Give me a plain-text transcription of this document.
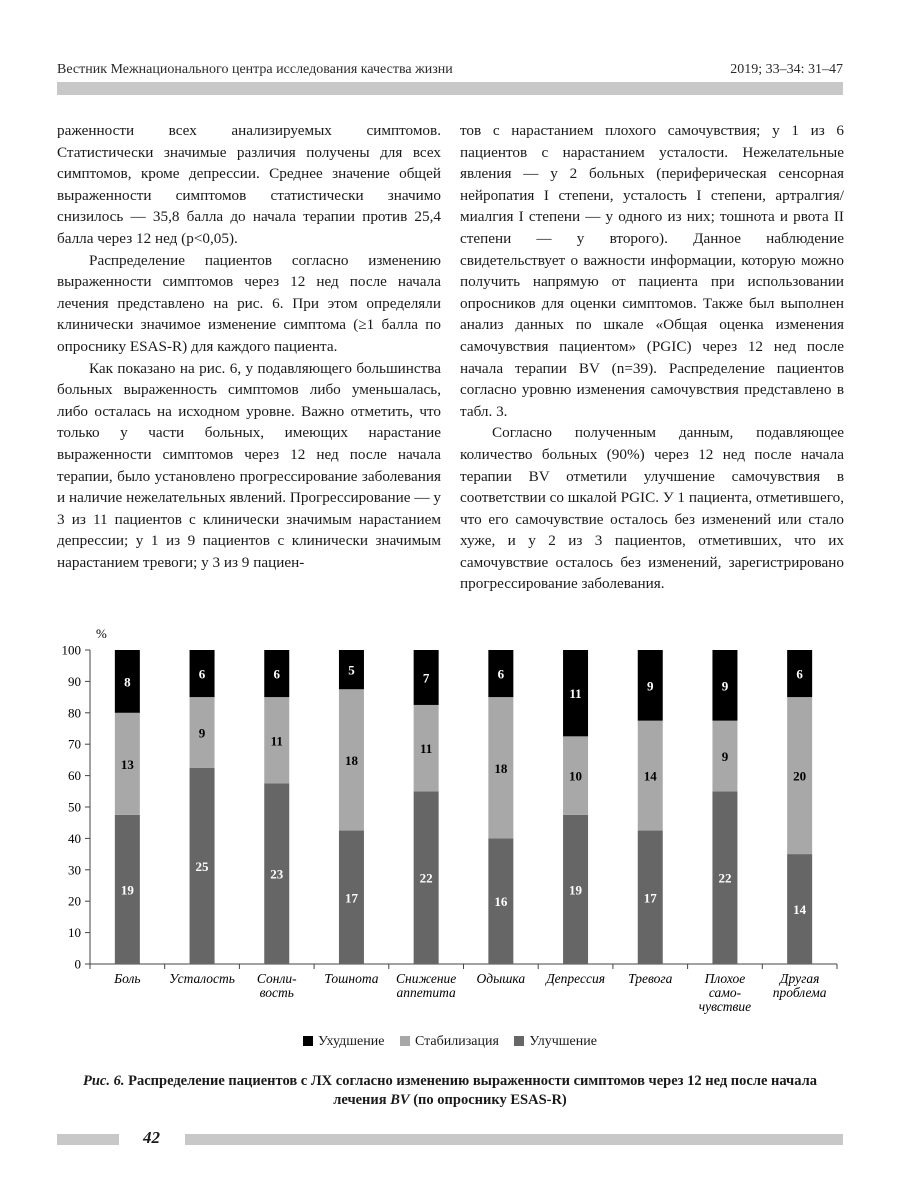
Вестник Межнационального центра исследования качества жизни	2019; 33–34: 31–47

раженности всех анализируемых симптомов. Статистически значимые различия получены для всех симптомов, кроме депрессии. Среднее значение общей выраженности симптомов статистически значимо снизилось — 35,8 балла до начала терапии против 25,4 балла через 12 нед (p<0,05).

Распределение пациентов согласно изменению выраженности симптомов через 12 нед после начала лечения представлено на рис. 6. При этом определяли клинически значимое изменение симптома (≥1 балла по опроснику ESAS-R) для каждого пациента.

Как показано на рис. 6, у подавляющего большинства больных выраженность симптомов либо уменьшалась, либо осталась на исходном уровне. Важно отметить, что только у части больных, имеющих нарастание выраженности симптомов через 12 нед после начала терапии, было установлено прогрессирование заболевания и наличие нежелательных явлений. Прогрессирование — у 3 из 11 пациентов с клинически значимым нарастанием депрессии; у 1 из 9 пациентов с клинически значимым нарастанием тревоги; у 3 из 9 пациен-

тов с нарастанием плохого самочувствия; у 1 из 6 пациентов с нарастанием усталости. Нежелательные явления — у 2 больных (периферическая сенсорная нейропатия I степени, усталость I степени, артралгия/миалгия I степени — у одного из них; тошнота и рвота II степени — у второго). Данное наблюдение свидетельствует о важности информации, которую можно получить напрямую от пациента при использовании опросников для оценки симптомов. Также был выполнен анализ данных по шкале «Общая оценка изменения самочувствия пациентом» (PGIC) через 12 нед после начала терапии BV (n=39). Распределение пациентов согласно уровню изменения самочувствия представлено в табл. 3.

Согласно полученным данным, подавляющее количество больных (90%) через 12 нед после начала терапии BV отметили улучшение самочувствия в соответствии со шкалой PGIC. У 1 пациента, отметившего, что его самочувствие осталось без изменений или стало хуже, и у 2 из 3 пациентов, отметивших, что их самочувствие осталось без изменений, зарегистрировано прогрессирование заболевания.

%
0
10
20
30
40
50
60
70
80
90
100
19
13
8
Боль
25
9
6
Усталость
23
11
6
Сонли-
вость
17
18
5
Тошнота
22
11
7
Снижение
аппетита
16
18
6
Одышка
19
10
11
Депрессия
17
14
9
Тревога
22
9
9
Плохое
само-
чувствие
14
20
6
Другая
проблема
Ухудшение Стабилизация Улучшение
Рис. 6. Распределение пациентов с ЛХ согласно изменению выраженности симптомов через 12 нед после начала лечения BV (по опроснику ESAS-R)
42
